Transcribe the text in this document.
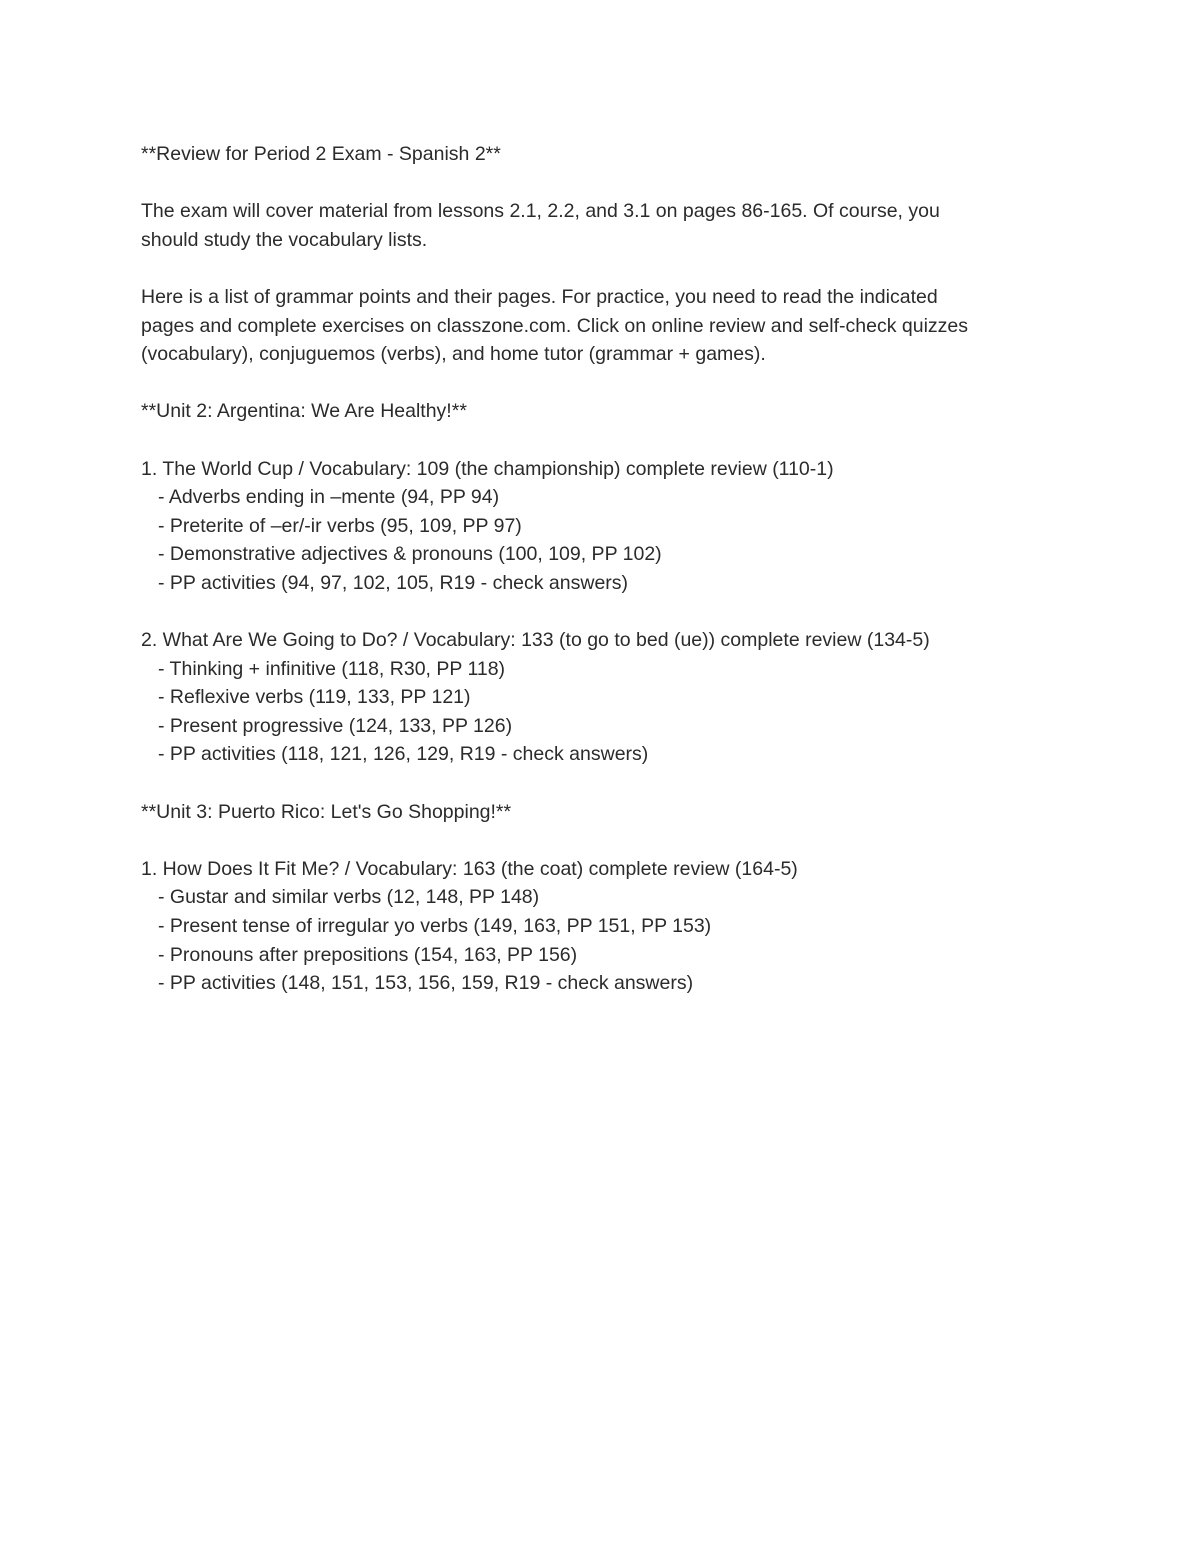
**Review for Period 2 Exam - Spanish 2**

The exam will cover material from lessons 2.1, 2.2, and 3.1 on pages 86-165. Of course, you

should study the vocabulary lists.

Here is a list of grammar points and their pages. For practice, you need to read the indicated

pages and complete exercises on classzone.com. Click on online review and self-check quizzes

(vocabulary), conjuguemos (verbs), and home tutor (grammar + games).

**Unit 2: Argentina: We Are Healthy!**

1. The World Cup / Vocabulary: 109 (the championship) complete review (110-1)

- Adverbs ending in –mente (94, PP 94)

- Preterite of –er/-ir verbs (95, 109, PP 97)

- Demonstrative adjectives & pronouns (100, 109, PP 102)

- PP activities (94, 97, 102, 105, R19 - check answers)

2. What Are We Going to Do? / Vocabulary: 133 (to go to bed (ue)) complete review (134-5)

- Thinking + infinitive (118, R30, PP 118)

- Reflexive verbs (119, 133, PP 121)

- Present progressive (124, 133, PP 126)

- PP activities (118, 121, 126, 129, R19 - check answers)

**Unit 3: Puerto Rico: Let's Go Shopping!**

1. How Does It Fit Me? / Vocabulary: 163 (the coat) complete review (164-5)

- Gustar and similar verbs (12, 148, PP 148)

- Present tense of irregular yo verbs (149, 163, PP 151, PP 153)

- Pronouns after prepositions (154, 163, PP 156)

- PP activities (148, 151, 153, 156, 159, R19 - check answers)
